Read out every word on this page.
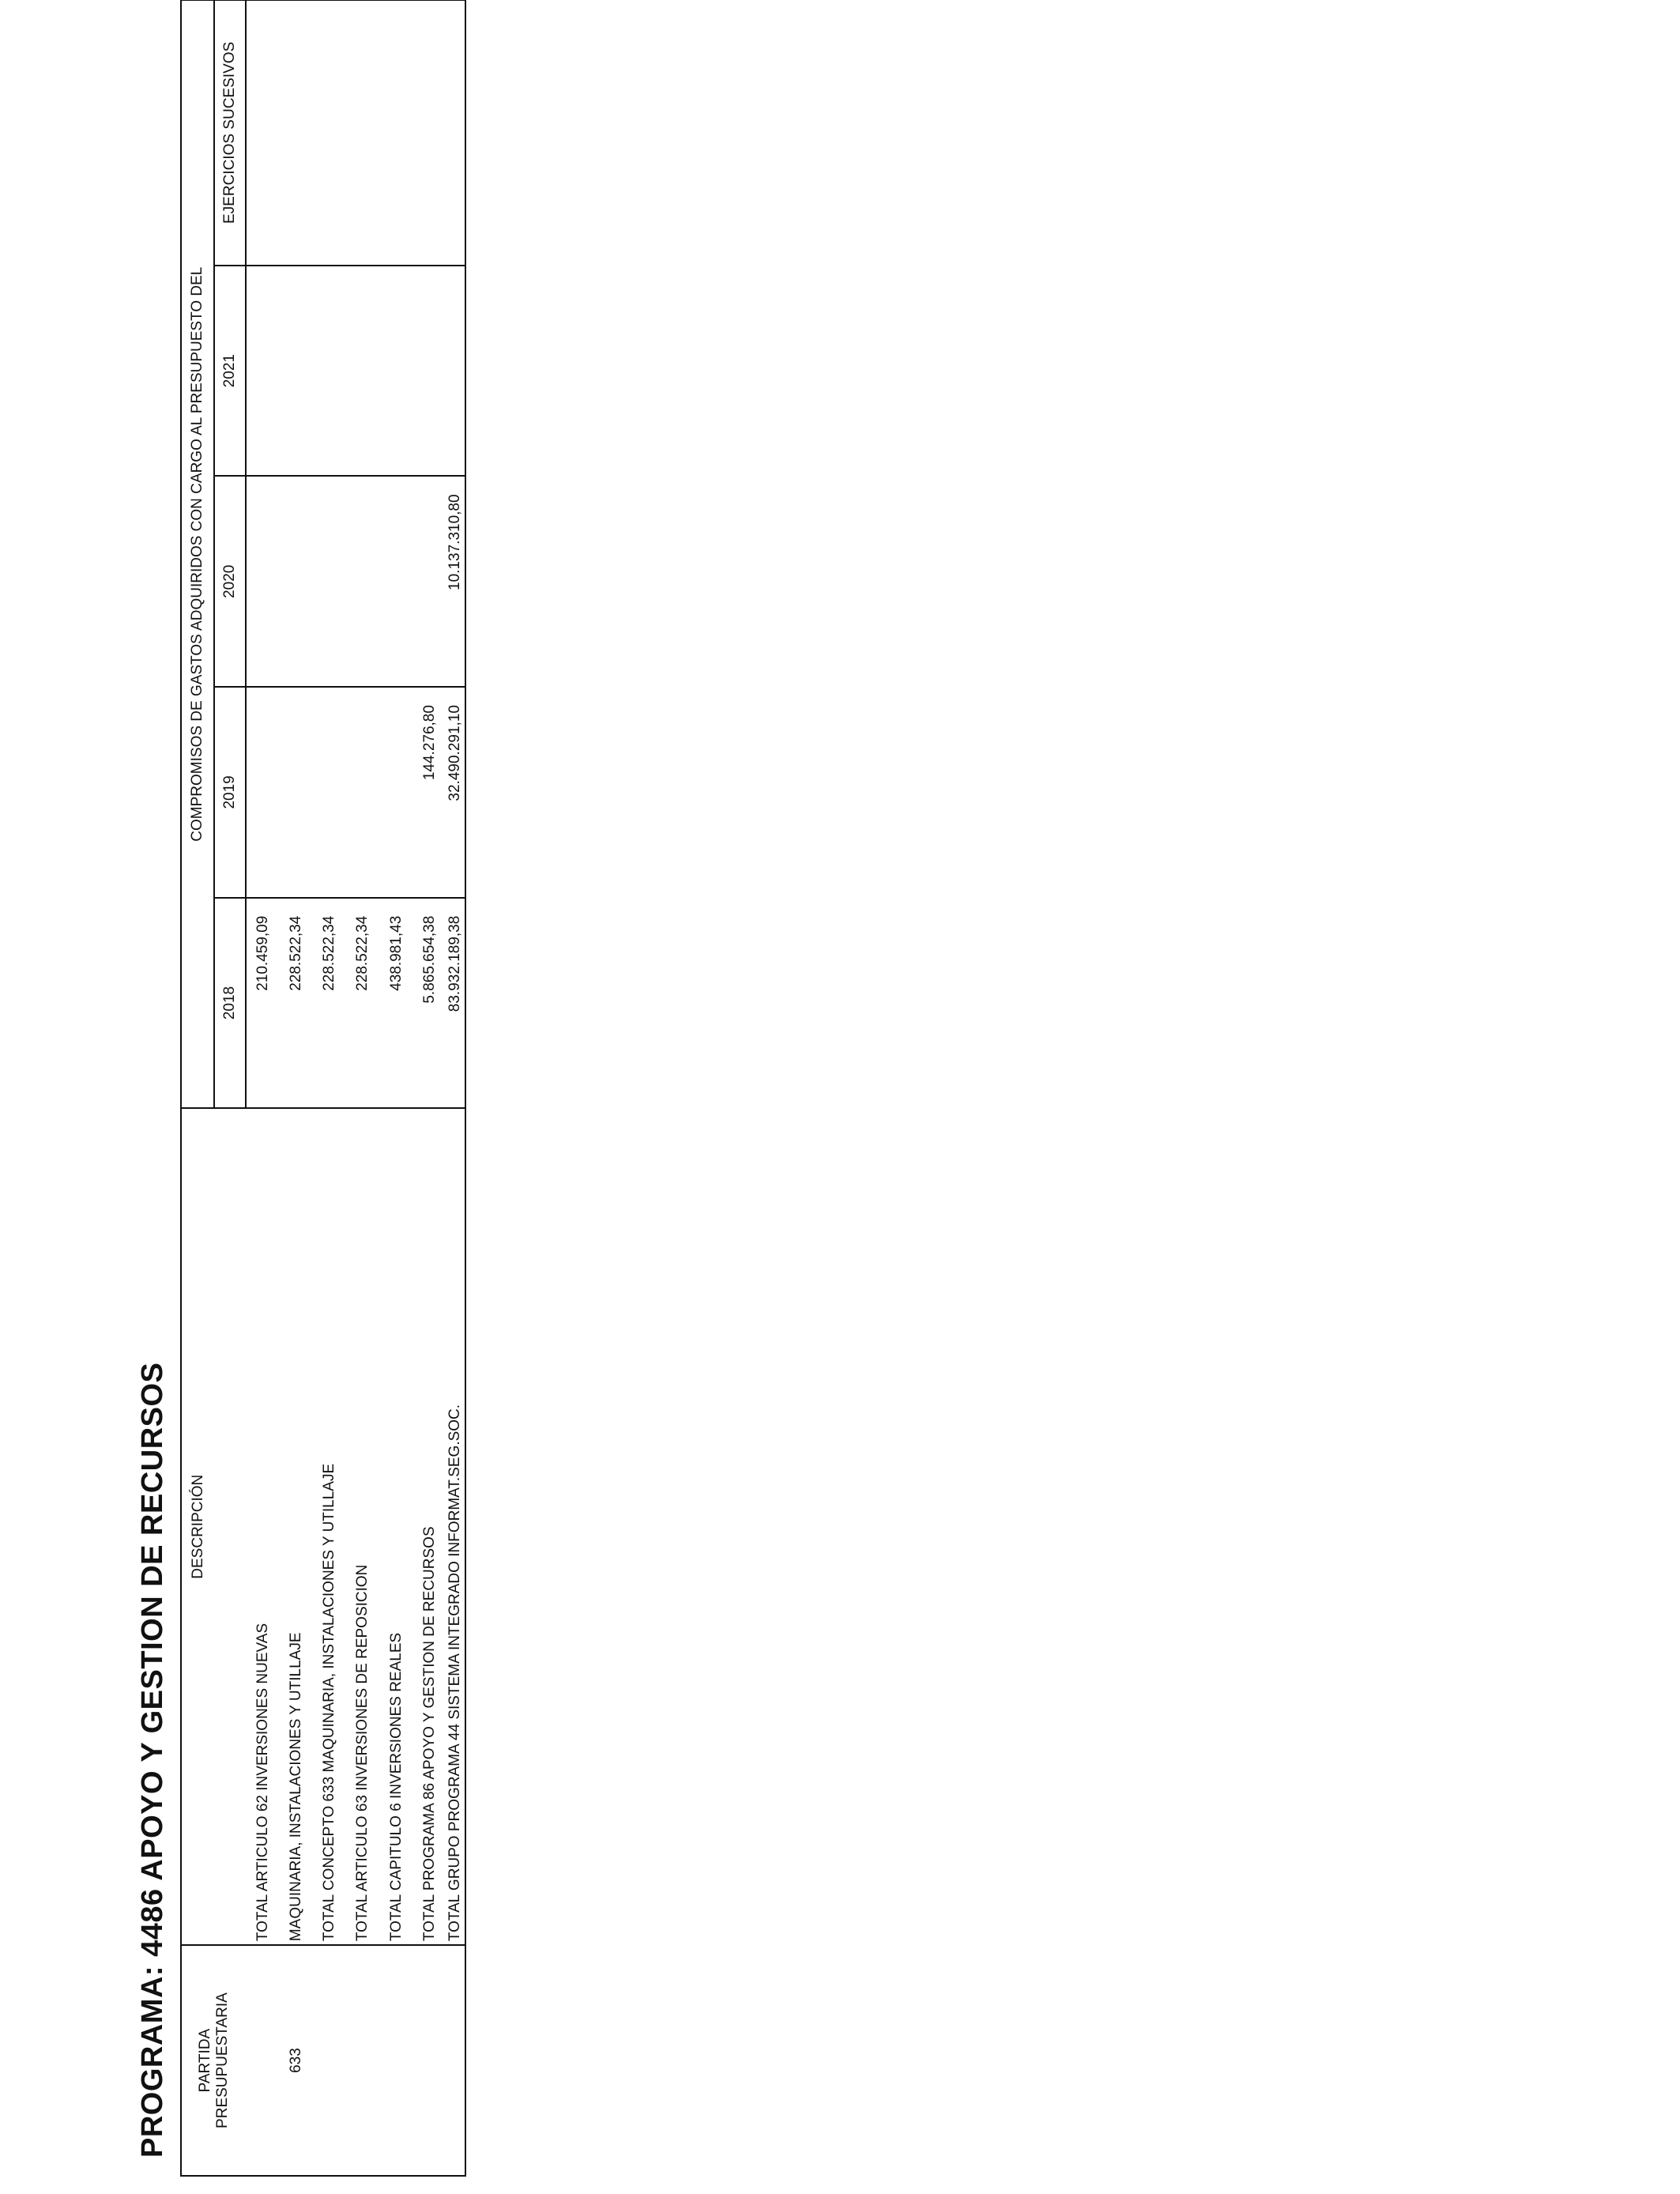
PROGRAMA: 4486 APOYO Y GESTION DE RECURSOS PARTIDA PRESUPUESTARIA	DESCRIPCIÓN	COMPROMISOS DE GASTOS ADQUIRIDOS CON CARGO AL PRESUPUESTO DEL				
		2018	2019	2020	2021	EJERCICIOS SUCESIVOS
	TOTAL ARTICULO 62 INVERSIONES NUEVAS	210.459,09				
633	MAQUINARIA, INSTALACIONES Y UTILLAJE	228.522,34				
	TOTAL CONCEPTO 633 MAQUINARIA, INSTALACIONES Y UTILLAJE	228.522,34				
	TOTAL ARTICULO 63 INVERSIONES DE REPOSICION	228.522,34				
	TOTAL CAPITULO 6 INVERSIONES REALES	438.981,43				
	TOTAL PROGRAMA 86 APOYO Y GESTION DE RECURSOS	5.865.654,38	144.276,80			
	TOTAL GRUPO PROGRAMA 44 SISTEMA INTEGRADO INFORMAT.SEG.SOC.	83.932.189,38	32.490.291,10	10.137.310,80		
